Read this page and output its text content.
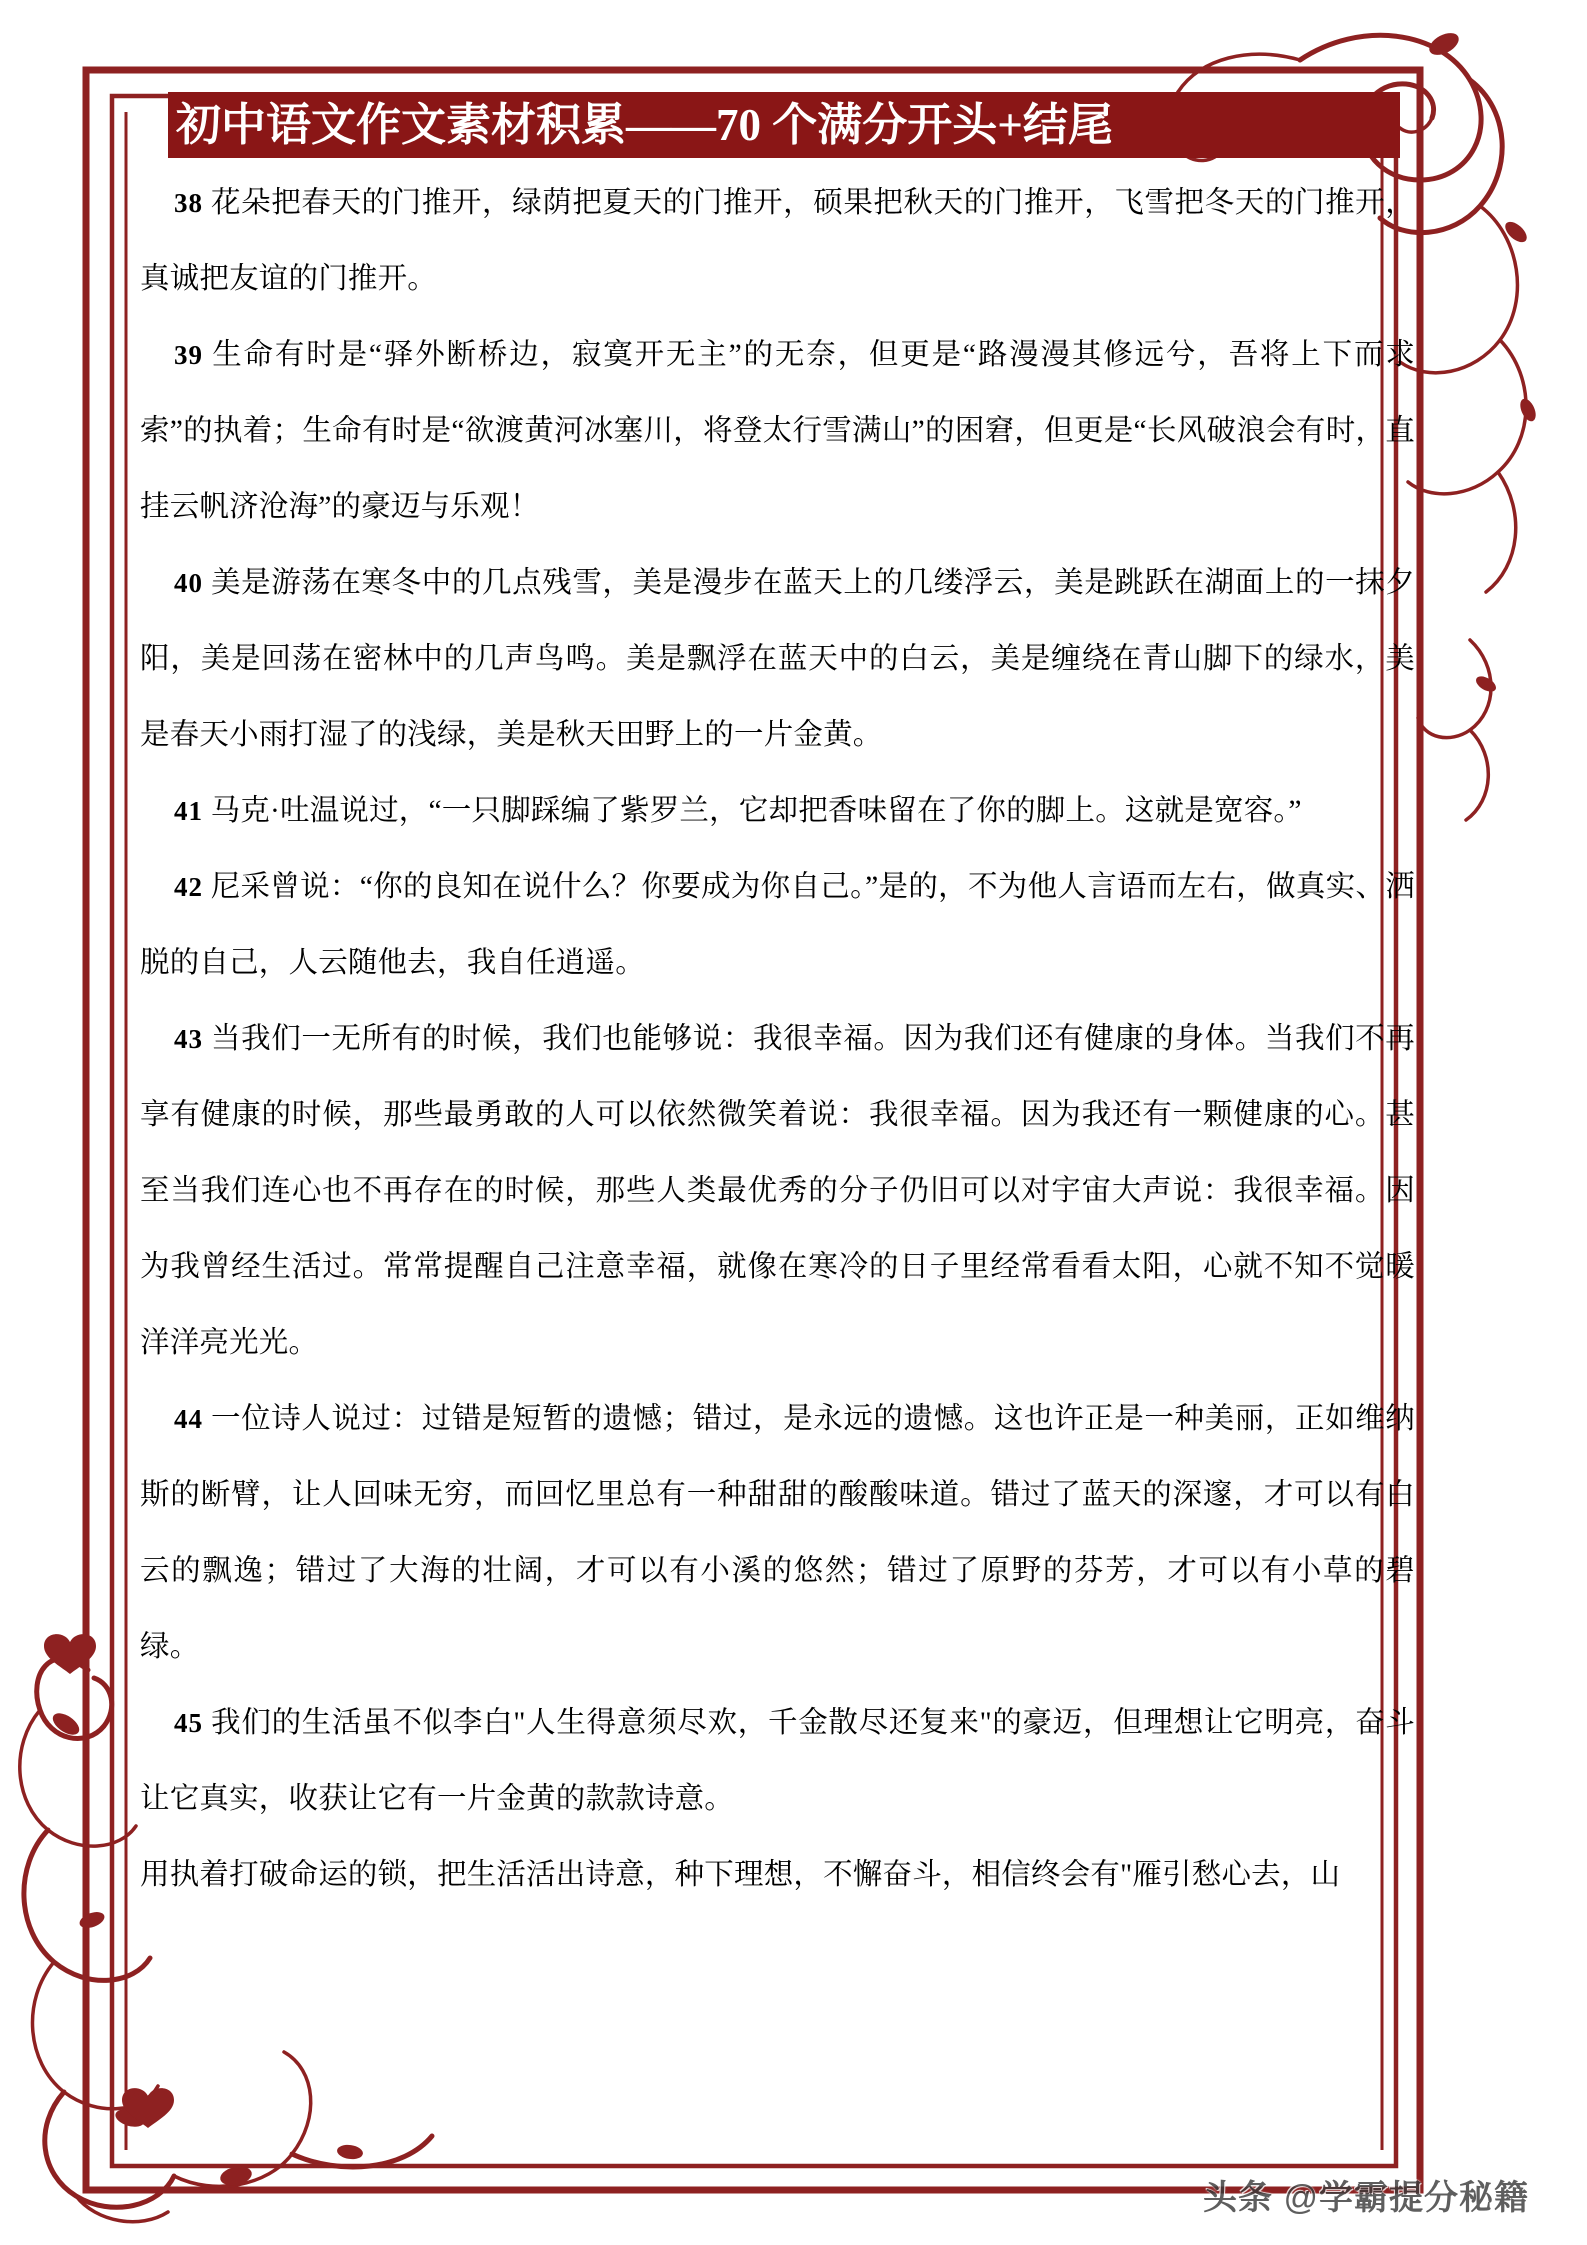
初中语文作文素材积累——70 个满分开头+结尾

38 花朵把春天的门推开，绿荫把夏天的门推开，硕果把秋天的门推开，飞雪把冬天的门推开，真诚把友谊的门推开。

39 生命有时是“驿外断桥边，寂寞开无主”的无奈，但更是“路漫漫其修远兮，吾将上下而求索”的执着；生命有时是“欲渡黄河冰塞川，将登太行雪满山”的困窘，但更是“长风破浪会有时，直挂云帆济沧海”的豪迈与乐观！

40 美是游荡在寒冬中的几点残雪，美是漫步在蓝天上的几缕浮云，美是跳跃在湖面上的一抹夕阳，美是回荡在密林中的几声鸟鸣。美是飘浮在蓝天中的白云，美是缠绕在青山脚下的绿水，美是春天小雨打湿了的浅绿，美是秋天田野上的一片金黄。

41 马克·吐温说过，“一只脚踩编了紫罗兰，它却把香味留在了你的脚上。这就是宽容。”

42 尼采曾说：“你的良知在说什么？你要成为你自己。”是的，不为他人言语而左右，做真实、洒脱的自己，人云随他去，我自任逍遥。

43 当我们一无所有的时候，我们也能够说：我很幸福。因为我们还有健康的身体。当我们不再享有健康的时候，那些最勇敢的人可以依然微笑着说：我很幸福。因为我还有一颗健康的心。甚至当我们连心也不再存在的时候，那些人类最优秀的分子仍旧可以对宇宙大声说：我很幸福。因为我曾经生活过。常常提醒自己注意幸福，就像在寒冷的日子里经常看看太阳，心就不知不觉暖洋洋亮光光。

44 一位诗人说过：过错是短暂的遗憾；错过，是永远的遗憾。这也许正是一种美丽，正如维纳斯的断臂，让人回味无穷，而回忆里总有一种甜甜的酸酸味道。错过了蓝天的深邃，才可以有白云的飘逸；错过了大海的壮阔，才可以有小溪的悠然；错过了原野的芬芳，才可以有小草的碧绿。

45 我们的生活虽不似李白"人生得意须尽欢，千金散尽还复来"的豪迈，但理想让它明亮，奋斗让它真实，收获让它有一片金黄的款款诗意。

用执着打破命运的锁，把生活活出诗意，种下理想，不懈奋斗，相信终会有"雁引愁心去，山

头条 @学霸提分秘籍
